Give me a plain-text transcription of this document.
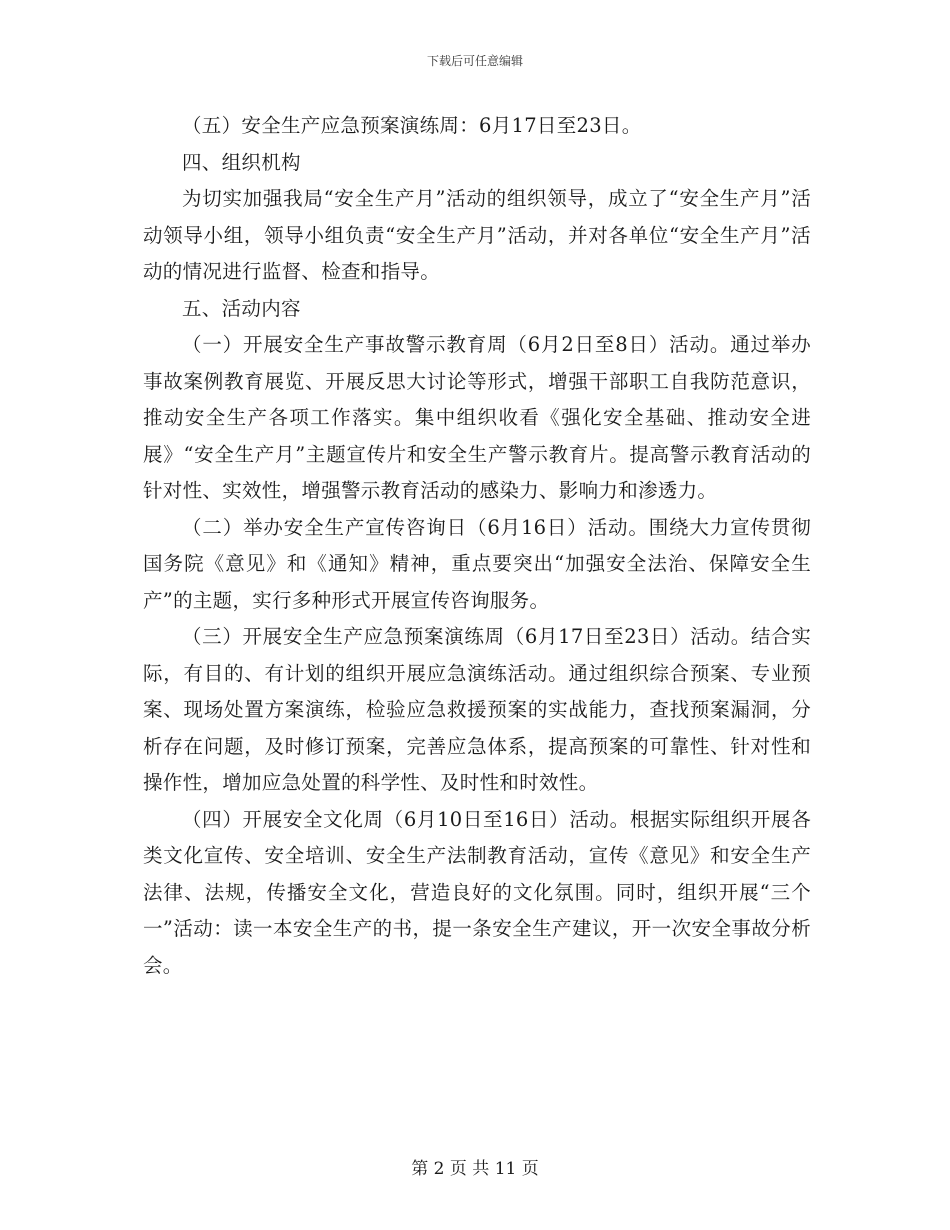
下载后可任意编辑

（五）安全生产应急预案演练周：6月17日至23日。

四、组织机构

为切实加强我局“安全生产月”活动的组织领导，成立了“安全生产月”活动领导小组，领导小组负责“安全生产月”活动，并对各单位“安全生产月”活动的情况进行监督、检查和指导。

五、活动内容

（一）开展安全生产事故警示教育周（6月2日至8日）活动。通过举办事故案例教育展览、开展反思大讨论等形式，增强干部职工自我防范意识，推动安全生产各项工作落实。集中组织收看《强化安全基础、推动安全进展》“安全生产月”主题宣传片和安全生产警示教育片。提高警示教育活动的针对性、实效性，增强警示教育活动的感染力、影响力和渗透力。

（二）举办安全生产宣传咨询日（6月16日）活动。围绕大力宣传贯彻国务院《意见》和《通知》精神，重点要突出“加强安全法治、保障安全生产”的主题，实行多种形式开展宣传咨询服务。

（三）开展安全生产应急预案演练周（6月17日至23日）活动。结合实际，有目的、有计划的组织开展应急演练活动。通过组织综合预案、专业预案、现场处置方案演练，检验应急救援预案的实战能力，查找预案漏洞，分析存在问题，及时修订预案，完善应急体系，提高预案的可靠性、针对性和操作性，增加应急处置的科学性、及时性和时效性。

（四）开展安全文化周（6月10日至16日）活动。根据实际组织开展各类文化宣传、安全培训、安全生产法制教育活动，宣传《意见》和安全生产法律、法规，传播安全文化，营造良好的文化氛围。同时，组织开展“三个一”活动：读一本安全生产的书，提一条安全生产建议，开一次安全事故分析会。

第 2 页 共 11 页
